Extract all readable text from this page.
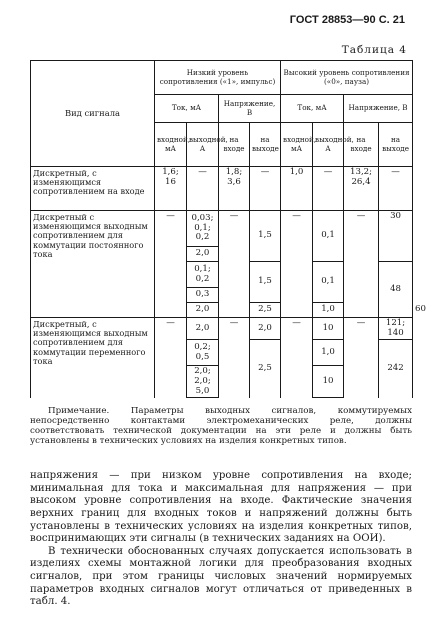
ГОСТ 28853—90 С. 21
Таблица 4
Вид сигнала	Низкий уровень сопротивления («1», импульс)				Высокий уровень сопротивления («0», пауза)				
	Ток, мА		Напряжение, В		Ток, мА		Напряжение, В		
	входной, мА	выходной, А	на входе	на выходе	входной, мА	выходной, А	на входе	на выходе	
Дискретный, с изменяющимся сопротивлением на входе	1,6; 16	—	1,8; 3,6	—	1,0	—	13,2; 26,4	—	
Дискретный с изменяющимся выходным сопротивлением для коммутации постоянного тока	—	0,03; 0,1; 0,2	—	1,5	—	0,1	—	30	
		2,0							
		0,1; 0,2		1,5		0,1		48	
		0,3							
		2,0		2,5		1,0			60
Дискретный, с изменяющимся выходным сопротивлением для коммутации переменного тока	—	2,0	—	2,0	—	10	—	121; 140	
		0,2; 0,5		2,5		1,0		242	
		2,0; 2,0; 5,0				10			
Примечание. Параметры выходных сигналов, коммутируемых непосредственно контактами электромеханических реле, должны соответствовать технической документации на эти реле и должны быть установлены в технических условиях на изделия конкретных типов.

напряжения — при низком уровне сопротивления на входе; минимальная для тока и максимальная для напряжения — при высоком уровне сопротивления на входе. Фактические значения верхних границ для входных токов и напряжений должны быть установлены в технических условиях на изделия конкретных типов, воспринимающих эти сигналы (в технических заданиях на ООИ).

В технически обоснованных случаях допускается использовать в изделиях схемы монтажной логики для преобразования входных сигналов, при этом границы числовых значений нормируемых параметров входных сигналов могут отличаться от приведенных в табл. 4.
